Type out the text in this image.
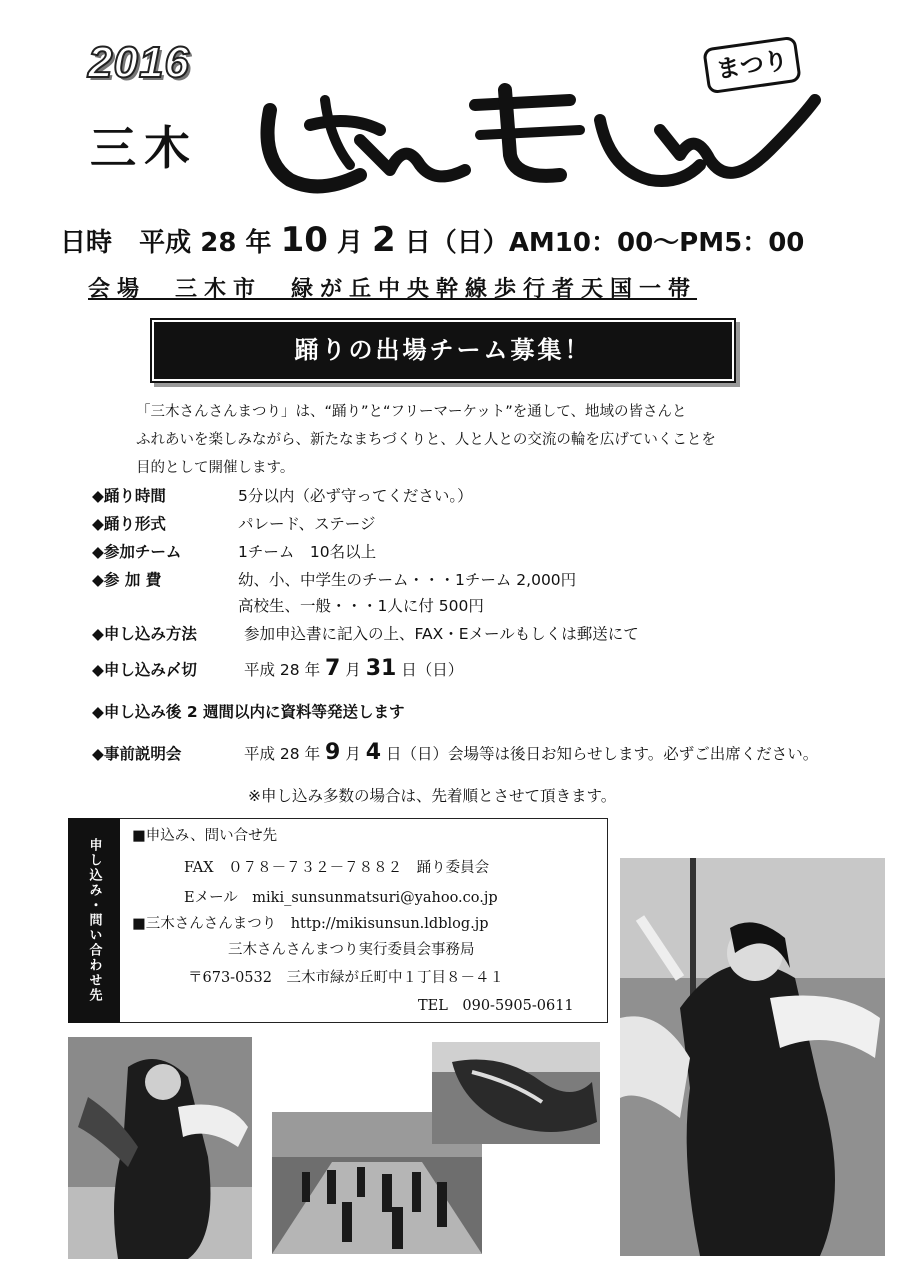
2016
三木
まつり
日時 平成 28 年 10 月 2 日（日）AM10：00～PM5：00
会場　三木市　緑が丘中央幹線歩行者天国一帯
踊りの出場チーム募集！

「三木さんさんまつり」は、“踊り”と“フリーマーケット”を通して、地域の皆さんと

ふれあいを楽しみながら、新たなまちづくりと、人と人との交流の輪を広げていくことを

目的として開催します。

◆踊り時間	5分以内（必ず守ってください。）
◆踊り形式	パレード、ステージ
◆参加チーム	1チーム　10名以上
◆参 加 費	幼、小、中学生のチーム・・・1チーム 2,000円
高校生、一般・・・1人に付 500円
◆申し込み方法	参加申込書に記入の上、FAX・Eメールもしくは郵送にて
◆申し込み〆切	平成 28 年 7 月 31 日（日）
◆申し込み後 2 週間以内に資料等発送します
◆事前説明会	平成 28 年 9 月 4 日（日）会場等は後日お知らせします。必ずご出席ください。
※申し込み多数の場合は、先着順とさせて頂きます。
申し込み・問い合わせ先
■申込み、問い合せ先
FAX　０７８－７３２－７８８２　踊り委員会
Eメール　miki_sunsunmatsuri@yahoo.co.jp
■三木さんさんまつり　http://mikisunsun.ldblog.jp
三木さんさんまつり実行委員会事務局
〒673-0532　三木市緑が丘町中１丁目８－４１
TEL　090-5905-0611
